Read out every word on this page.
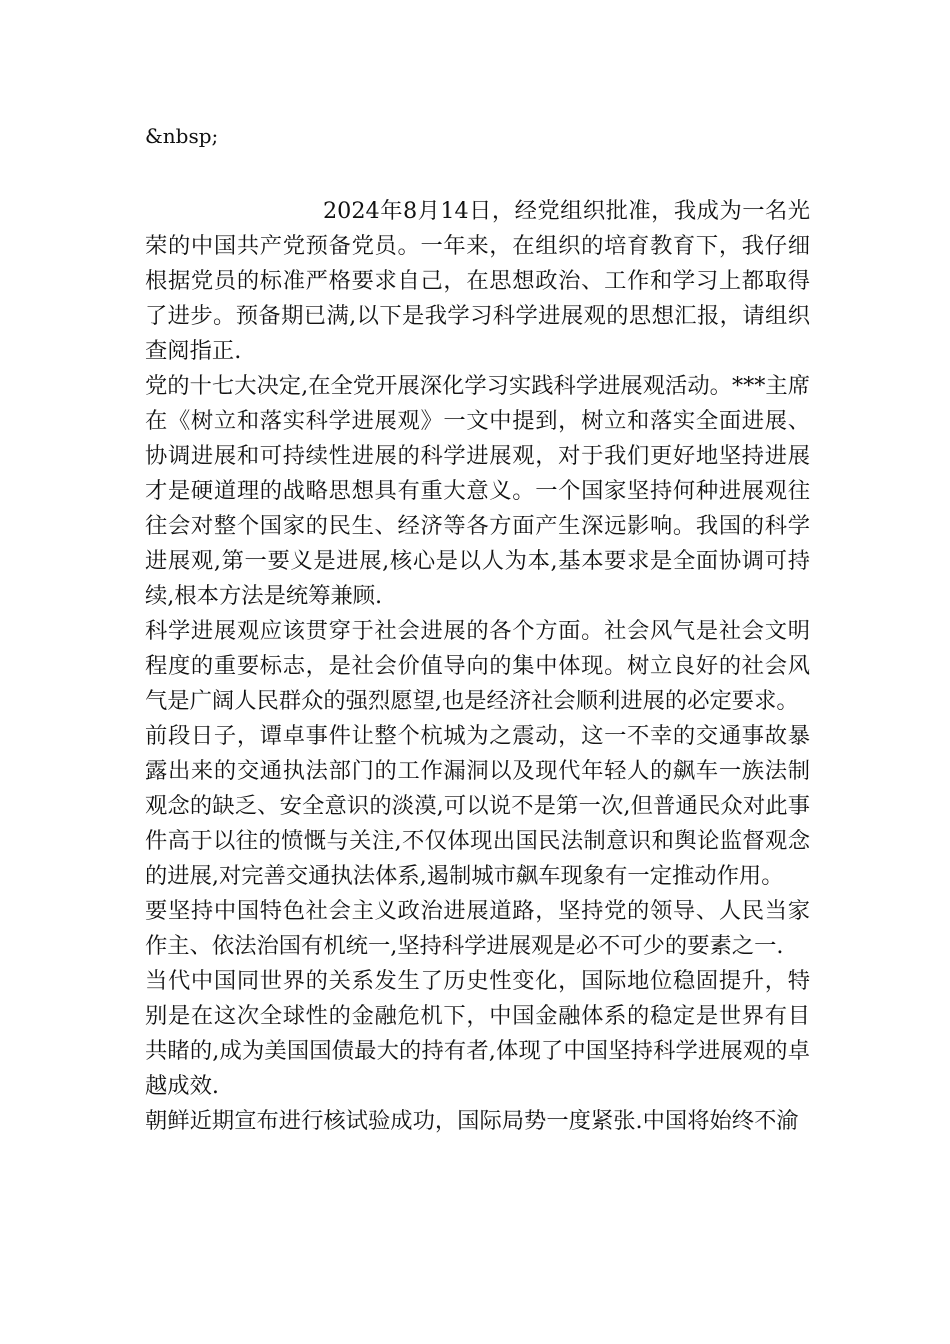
&nbsp;

2024年8月14日，经党组织批准，我成为一名光荣的中国共产党预备党员。一年来，在组织的培育教育下，我仔细根据党员的标准严格要求自己，在思想政治、工作和学习上都取得了进步。预备期已满,以下是我学习科学进展观的思想汇报，请组织查阅指正.

党的十七大决定,在全党开展深化学习实践科学进展观活动。***主席在《树立和落实科学进展观》一文中提到，树立和落实全面进展、协调进展和可持续性进展的科学进展观，对于我们更好地坚持进展才是硬道理的战略思想具有重大意义。一个国家坚持何种进展观往往会对整个国家的民生、经济等各方面产生深远影响。我国的科学进展观,第一要义是进展,核心是以人为本,基本要求是全面协调可持续,根本方法是统筹兼顾.

科学进展观应该贯穿于社会进展的各个方面。社会风气是社会文明程度的重要标志，是社会价值导向的集中体现。树立良好的社会风气是广阔人民群众的强烈愿望,也是经济社会顺利进展的必定要求。

前段日子，谭卓事件让整个杭城为之震动，这一不幸的交通事故暴露出来的交通执法部门的工作漏洞以及现代年轻人的飙车一族法制观念的缺乏、安全意识的淡漠,可以说不是第一次,但普通民众对此事件高于以往的愤慨与关注,不仅体现出国民法制意识和舆论监督观念的进展,对完善交通执法体系,遏制城市飙车现象有一定推动作用。

要坚持中国特色社会主义政治进展道路，坚持党的领导、人民当家作主、依法治国有机统一,坚持科学进展观是必不可少的要素之一.

当代中国同世界的关系发生了历史性变化，国际地位稳固提升，特别是在这次全球性的金融危机下，中国金融体系的稳定是世界有目共睹的,成为美国国债最大的持有者,体现了中国坚持科学进展观的卓越成效.

朝鲜近期宣布进行核试验成功，国际局势一度紧张.中国将始终不渝
